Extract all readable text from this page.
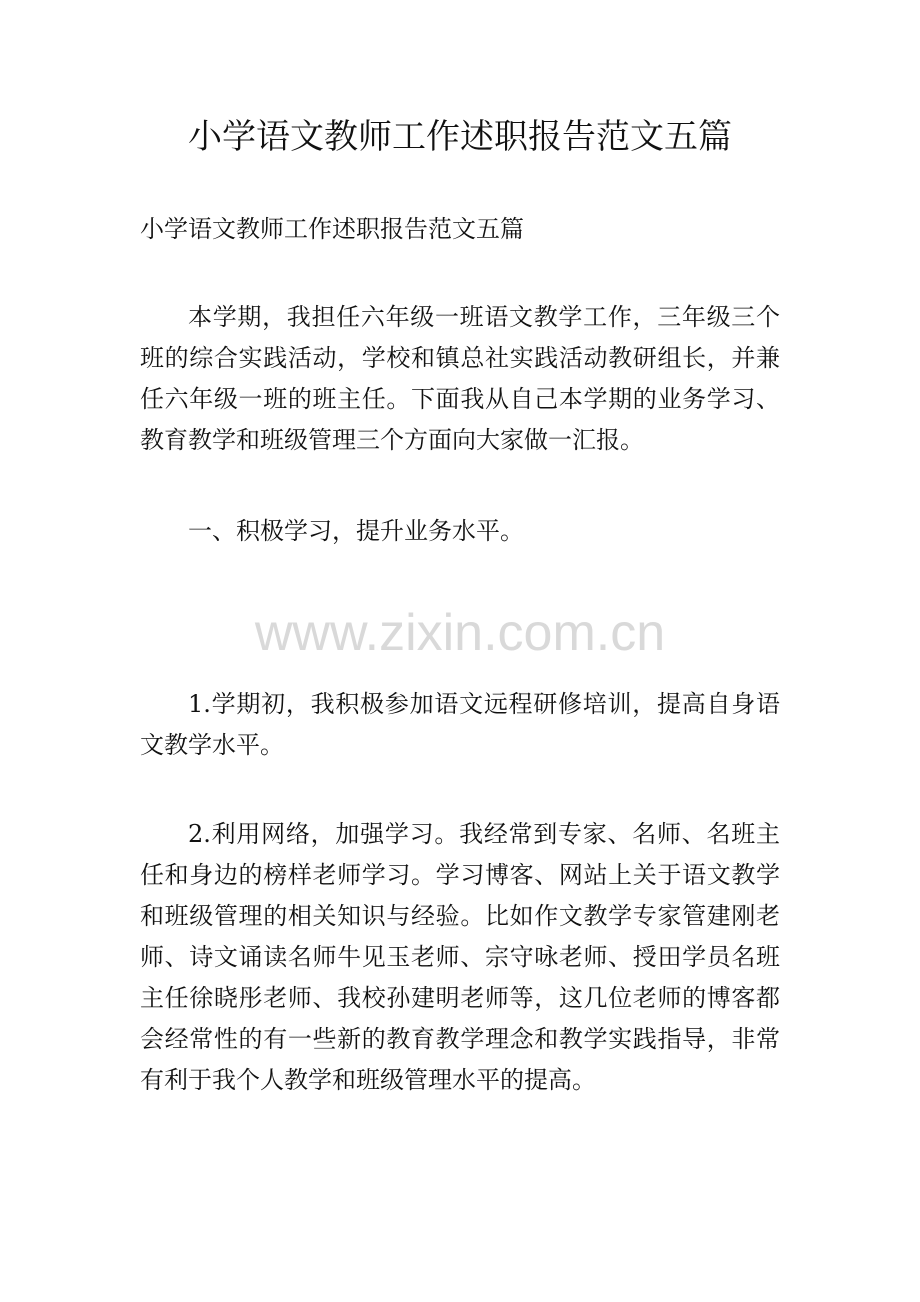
小学语文教师工作述职报告范文五篇

小学语文教师工作述职报告范文五篇

本学期，我担任六年级一班语文教学工作，三年级三个班的综合实践活动，学校和镇总社实践活动教研组长，并兼任六年级一班的班主任。下面我从自己本学期的业务学习、教育教学和班级管理三个方面向大家做一汇报。

一、积极学习，提升业务水平。

www.zixin.com.cn

1.学期初，我积极参加语文远程研修培训，提高自身语文教学水平。

2.利用网络，加强学习。我经常到专家、名师、名班主任和身边的榜样老师学习。学习博客、网站上关于语文教学和班级管理的相关知识与经验。比如作文教学专家管建刚老师、诗文诵读名师牛见玉老师、宗守咏老师、授田学员名班主任徐晓彤老师、我校孙建明老师等，这几位老师的博客都会经常性的有一些新的教育教学理念和教学实践指导，非常有利于我个人教学和班级管理水平的提高。
